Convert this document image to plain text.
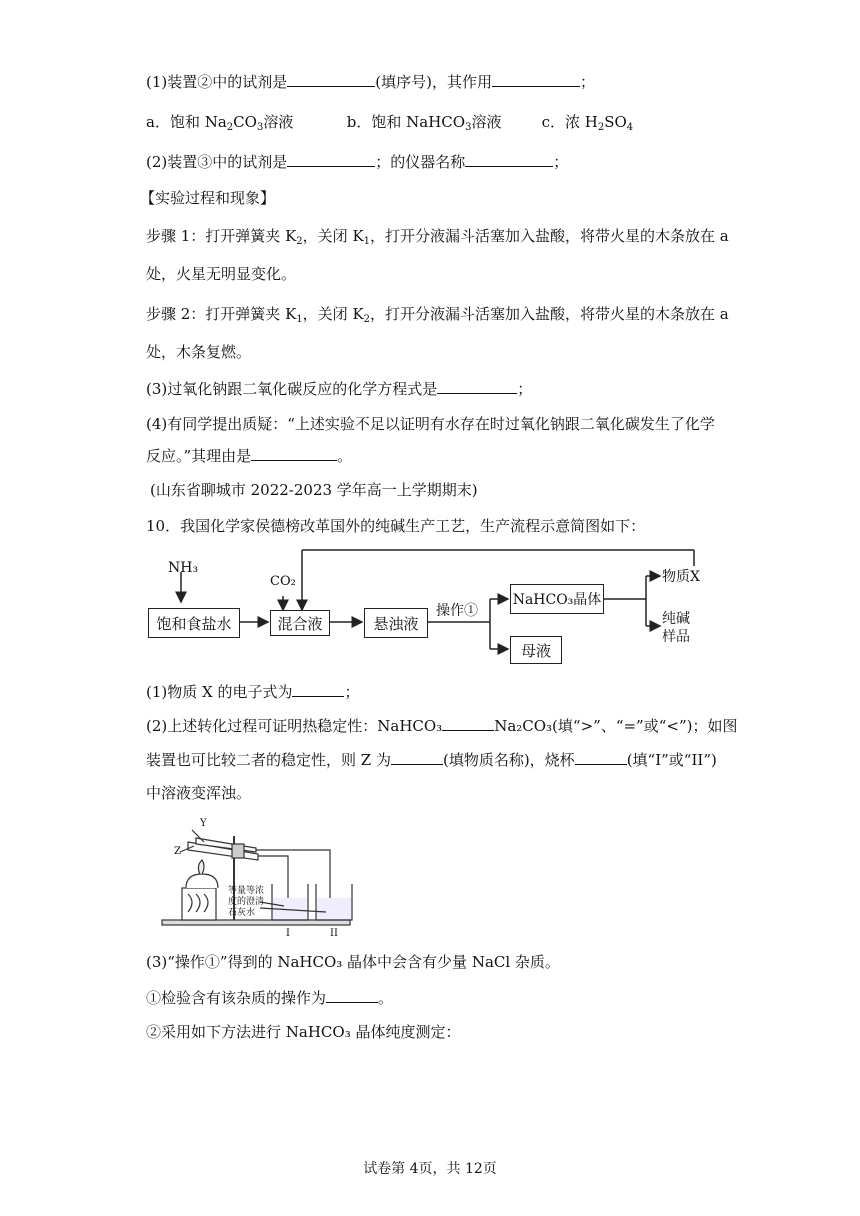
(1)装置②中的试剂是	(填序号)，其作用	；
a．饱和 $Na_2CO_3$溶液	b．饱和 NaHCO$_3$溶液	c．浓 $H_2SO_4$
(2)装置③中的试剂是	；的仪器名称	；
【实验过程和现象】
步骤 1：打开弹簧夹 $K_2$，关闭 $K_1$，打开分液漏斗活塞加入盐酸，将带火星的木条放在 a
处，火星无明显变化。
步骤 2：打开弹簧夹 $K_1$，关闭 $K_2$，打开分液漏斗活塞加入盐酸，将带火星的木条放在 a
处，木条复燃。
(3)过氧化钠跟二氧化碳反应的化学方程式是	；
(4)有同学提出质疑：“上述实验不足以证明有水存在时过氧化钠跟二氧化碳发生了化学
反应。”其理由是	。
(山东省聊城市 2022-2023 学年高一上学期期末)
10．我国化学家侯德榜改革国外的纯碱生产工艺，生产流程示意简图如下：
NH₃
CO₂
饱和食盐水	混合液	悬浊液
操作①
NaHCO₃晶体
母液
物质X
纯碱
样品
(1)物质 X 的电子式为	；
(2)上述转化过程可证明热稳定性：NaHCO₃	Na₂CO₃(填“>”、“=”或“<”)；如图
装置也可比较二者的稳定性，则 Z 为	(填物质名称)，烧杯	(填“I”或“II”)
中溶液变浑浊。
Y
Z
等量等浓
度的澄清
石灰水
I	II
(3)“操作①”得到的 NaHCO₃ 晶体中会含有少量 NaCl 杂质。
①检验含有该杂质的操作为	。
②采用如下方法进行 NaHCO₃ 晶体纯度测定：
试卷第 4页，共 12页
